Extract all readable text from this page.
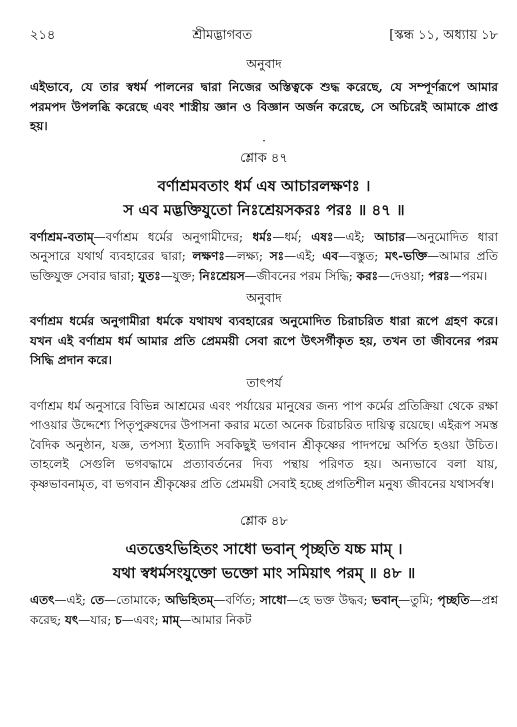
২১৪	শ্রীমদ্ভাগবত	[স্কন্ধ ১১, অধ্যায় ১৮
অনুবাদ

এইভাবে, যে তার স্বধর্ম পালনের দ্বারা নিজের অস্তিত্বকে শুদ্ধ করেছে, যে সম্পূর্ণরূপে আমার পরমপদ উপলব্ধি করেছে এবং শাস্ত্রীয় জ্ঞান ও বিজ্ঞান অর্জন করেছে, সে অচিরেই আমাকে প্রাপ্ত হয়।

·
শ্লোক ৪৭

বর্ণাশ্রমবতাং ধর্ম এষ আচারলক্ষণঃ ।

স এব মদ্ভক্তিযুতো নিঃশ্রেয়সকরঃ পরঃ ॥ ৪৭ ॥

বর্ণাশ্রম-বতাম্—বর্ণাশ্রম ধর্মের অনুগামীদের; ধর্মঃ—ধর্ম; এষঃ—এই; আচার—অনুমোদিত ধারা অনুসারে যথার্থ ব্যবহারের দ্বারা; লক্ষণঃ—লক্ষ্য; সঃ—এই; এব—বস্তুত; মৎ-ভক্তি—আমার প্রতি ভক্তিযুক্ত সেবার দ্বারা; যুতঃ—যুক্ত; নিঃশ্রেয়স—জীবনের পরম সিদ্ধি; করঃ—দেওয়া; পরঃ—পরম।

অনুবাদ

বর্ণাশ্রম ধর্মের অনুগামীরা ধর্মকে যথাযথ ব্যবহারের অনুমোদিত চিরাচরিত ধারা রূপে গ্রহণ করে। যখন এই বর্ণাশ্রম ধর্ম আমার প্রতি প্রেমময়ী সেবা রূপে উৎসর্গীকৃত হয়, তখন তা জীবনের পরম সিদ্ধি প্রদান করে।

তাৎপর্য

বর্ণাশ্রম ধর্ম অনুসারে বিভিন্ন আশ্রমের এবং পর্যায়ের মানুষের জন্য পাপ কর্মের প্রতিক্রিয়া থেকে রক্ষা পাওয়ার উদ্দেশ্যে পিতৃপুরুষদের উপাসনা করার মতো অনেক চিরাচরিত দায়িত্ব রয়েছে। এইরূপ সমস্ত বৈদিক অনুষ্ঠান, যজ্ঞ, তপস্যা ইত্যাদি সবকিছুই ভগবান শ্রীকৃষ্ণের পাদপদ্মে অর্পিত হওয়া উচিত। তাহলেই সেগুলি ভগবদ্ধামে প্রত্যাবর্তনের দিব্য পন্থায় পরিণত হয়। অন্যভাবে বলা যায়, কৃষ্ণভাবনামৃত, বা ভগবান শ্রীকৃষ্ণের প্রতি প্রেমময়ী সেবাই হচ্ছে প্রগতিশীল মনুষ্য জীবনের যথাসর্বস্ব।

শ্লোক ৪৮

এতত্তেঽভিহিতং সাধো ভবান্ পৃচ্ছতি যচ্চ মাম্ ।

যথা স্বধর্মসংযুক্তো ভক্তো মাং সমিয়াৎ পরম্ ॥ ৪৮ ॥

এতৎ—এই; তে—তোমাকে; অভিহিতম্—বর্ণিত; সাধো—হে ভক্ত উদ্ধব; ভবান্—তুমি; পৃচ্ছতি—প্রশ্ন করেছ; যৎ—যার; চ—এবং; মাম্—আমার নিকট
